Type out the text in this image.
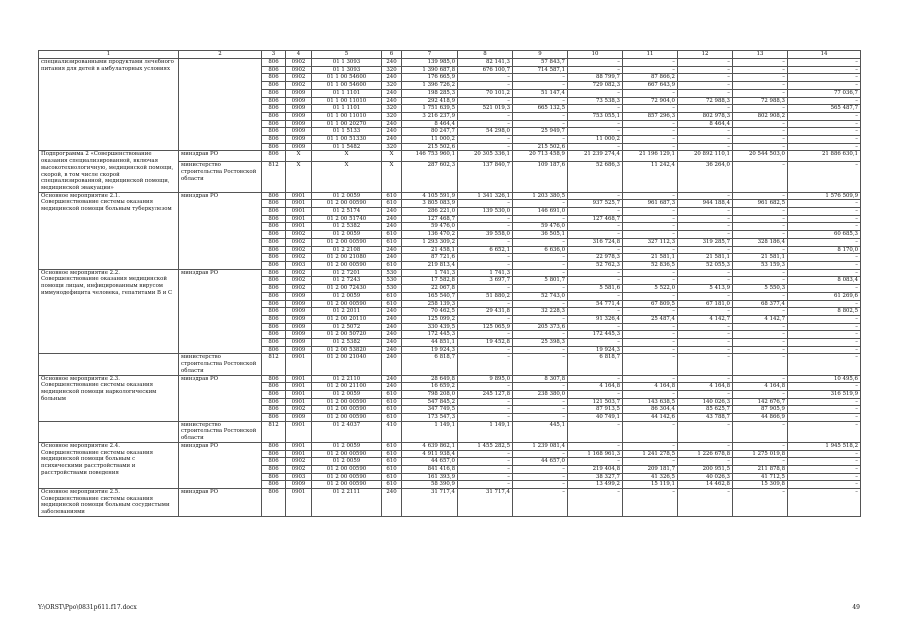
1	2	3	4	5	6	7	8	9	10	11	12	13	14
специализированными продуктами лечебного питания для детей в амбулаторных условиях		806	0902	01 1 3093	240	139 985,0	82 141,3	57 843,7	–	–	–	–	–
		806	0902	01 1 3093	320	1 390 687,8	676 100,7	714 587,1	–	–	–	–	–
		806	0902	01 1 00 54600	240	176 665,9	–	–	88 799,7	87 866,2	–	–	–
		806	0902	01 1 00 54600	320	1 396 726,2	–	–	729 082,3	667 643,9	–	–	–
		806	0909	01 1 1101	240	198 285,3	70 101,2	51 147,4	–	–	–	–	77 036,7
		806	0909	01 1 00 11010	240	292 418,9	–	–	73 538,3	72 904,0	72 988,3	72 988,3	–
		806	0909	01 1 1101	320	1 751 639,5	521 019,3	665 132,5	–	–	–	–	565 487,7
		806	0909	01 1 00 11010	320	3 216 237,9	–	–	753 055,1	857 296,3	802 978,3	802 908,2	–
		806	0909	01 1 00 20270	240	8 464,4	–	–	–	–	8 464,4	–	–
		806	0909	01 1 5133	240	80 247,7	54 298,0	25 949,7	–	–	–	–	–
		806	0909	01 1 00 51330	240	11 000,2	–	–	11 000,2	–	–	–	–
		806	0909	01 1 5482	320	215 502,6	–	215 502,6	–	–	–	–	–
Подпрограмма 2 «Совершенствование оказания специализированной, включая высокотехнологичную, медицинской помощи, скорой, в том числе скорой специализированной, медицинской помощи, медицинской эвакуации»	минздрав РО	806	X	X	X	146 753 960,1	20 305 336,1	20 713 458,9	21 239 274,4	21 196 129,1	20 892 110,1	20 544 503,0	21 886 630,1
	министерство строительства Ростовской области	812	X	X	X	287 602,3	137 840,7	109 187,6	52 686,3	11 242,4	36 264,0	–	–
Основное мероприятие 2.1. Совершенствование системы оказания медицинской помощи больным туберкулезом	минздрав РО	806	0901	01 2 0059	610	4 105 591,9	1 341 326,1	1 203 380,5	–	–	–	–	1 576 509,9
		806	0901	01 2 00 00590	610	3 805 083,9	–	–	937 525,7	961 687,3	944 188,4	961 682,5	–
		806	0901	01 2 5174	240	286 221,0	139 530,0	146 691,0	–	–	–	–	–
		806	0901	01 2 00 51740	240	127 468,7	–	–	127 468,7	–	–	–	–
		806	0901	01 2 5382	240	59 476,0	–	59 476,0	–	–	–	–	–
		806	0902	01 2 0059	610	136 470,2	39 558,0	36 505,1	–	–	–	–	60 685,3
		806	0902	01 2 00 00590	610	1 293 309,2	–	–	316 724,8	327 112,3	319 285,7	328 186,4	–
		806	0902	01 2 2108	240	21 458,1	6 652,1	6 636,0	–	–	–	–	8 170,0
		806	0902	01 2 00 21080	240	87 721,6	–	–	22 978,3	21 581,1	21 581,1	21 581,1	–
		806	0903	01 2 00 00590	610	219 813,4	–	–	52 762,3	52 836,5	52 055,3	53 159,3	–
Основное мероприятие 2.2. Совершенствование оказания медицинской помощи лицам, инфицированным вирусом иммунодефицита человека, гепатитами В и С	минздрав РО	806	0902	01 2 7201	530	1 741,3	1 741,3	–	–	–	–	–	–
		806	0902	01 2 7243	530	17 582,8	3 697,7	5 801,7	–	–	–	–	8 083,4
		806	0902	01 2 00 72430	530	22 067,8	–	–	5 581,6	5 522,0	5 413,9	5 550,3	–
		806	0909	01 2 0059	610	165 540,7	51 880,2	52 743,0	–	–	–	–	61 269,6
		806	0909	01 2 00 00590	610	258 139,3	–	–	54 771,4	67 809,5	67 181,0	68 377,4	–
		806	0909	01 2 2011	240	70 462,5	29 431,8	32 228,3	–	–	–	–	8 802,5
		806	0909	01 2 00 20110	240	125 099,2	–	–	91 326,4	25 487,4	4 142,7	4 142,7	–
		806	0909	01 2 5072	240	330 439,5	125 065,9	205 373,6	–	–	–	–	–
		806	0909	01 2 00 50720	240	172 445,3	–	–	172 445,3	–	–	–	–
		806	0909	01 2 5382	240	44 851,1	19 452,8	25 398,3	–	–	–	–	–
		806	0909	01 2 00 53820	240	19 924,3	–	–	19 924,3	–	–	–	–
	министерство строительства Ростовской области	812	0901	01 2 00 21040	240	6 818,7	–	–	6 818,7	–	–	–	–
Основное мероприятие 2.3. Совершенствование системы оказания медицинской помощи наркологическим больным	минздрав РО	806	0901	01 2 2110	240	28 649,8	9 895,0	8 307,8	–	–	–	–	10 495,6
		806	0901	01 2 00 21100	240	16 659,2	–	–	4 164,8	4 164,8	4 164,8	4 164,8	–
		806	0901	01 2 0059	610	798 208,0	245 127,8	238 380,0	–	–	–	–	316 519,9
		806	0901	01 2 00 00590	610	547 845,2	–	–	121 503,7	143 638,5	140 026,3	142 676,7	–
		806	0902	01 2 00 00590	610	347 749,5	–	–	87 913,5	86 304,4	85 625,7	87 905,9	–
		806	0909	01 2 00 00590	610	173 547,3	–	–	40 749,1	44 142,6	43 788,7	44 866,9	–
	министерство строительства Ростовской области	812	0901	01 2 4037	410	1 149,1	1 149,1	445,1	–	–	–	–	–
Основное мероприятие 2.4. Совершенствование системы оказания медицинской помощи больным с психическими расстройствами и расстройствами поведения	минздрав РО	806	0901	01 2 0059	610	4 639 862,1	1 455 282,5	1 239 081,4	–	–	–	–	1 945 518,2
		806	0901	01 2 00 00590	610	4 911 938,4	–	–	1 168 961,3	1 241 278,5	1 226 678,8	1 275 019,8	–
		806	0902	01 2 0059	610	44 657,0	–	44 657,0	–	–	–	–	–
		806	0902	01 2 00 00590	610	841 416,8	–	–	219 404,8	209 181,7	200 951,5	211 878,8	–
		806	0903	01 2 00 00590	610	161 393,9	–	–	38 327,7	41 326,5	40 026,3	41 712,5	–
		806	0909	01 2 00 00590	610	58 390,9	–	–	13 499,2	15 119,1	14 462,8	15 309,8	–
Основное мероприятие 2.5. Совершенствование системы оказания медицинской помощи больным сосудистыми заболеваниями	минздрав РО	806	0901	01 2 2111	240	31 717,4	31 717,4	–	–	–	–	–	–
Y:\ORST\Ppo\0831p611.f17.docx	49
